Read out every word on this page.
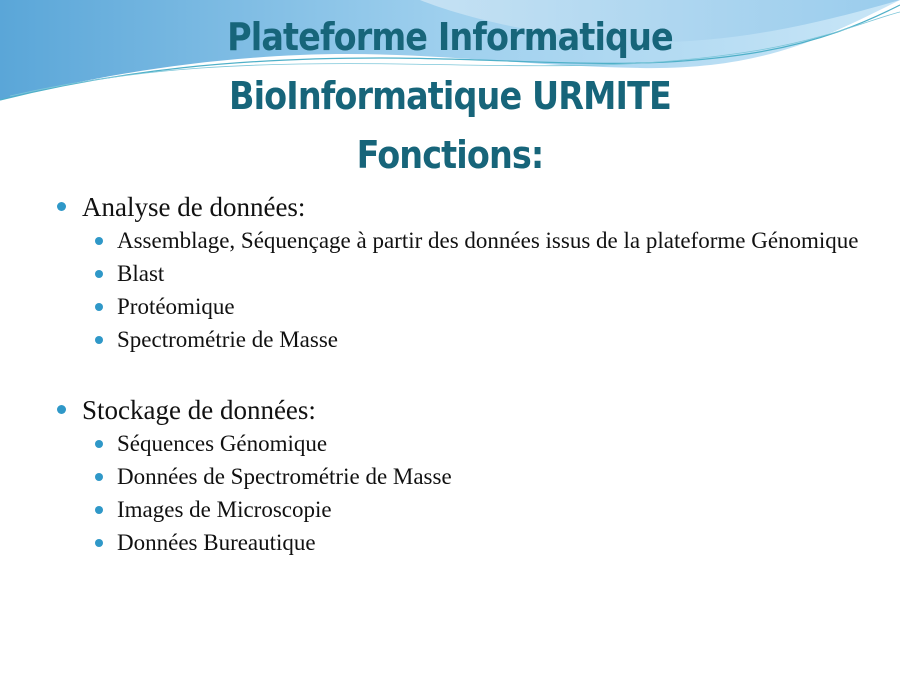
Plateforme Informatique
BioInformatique URMITE
Fonctions:
Analyse de données:
Assemblage, Séquençage à partir des données issus de la plateforme Génomique
Blast
Protéomique
Spectrométrie de Masse
Stockage de données:
Séquences Génomique
Données de Spectrométrie de Masse
Images de Microscopie
Données Bureautique
